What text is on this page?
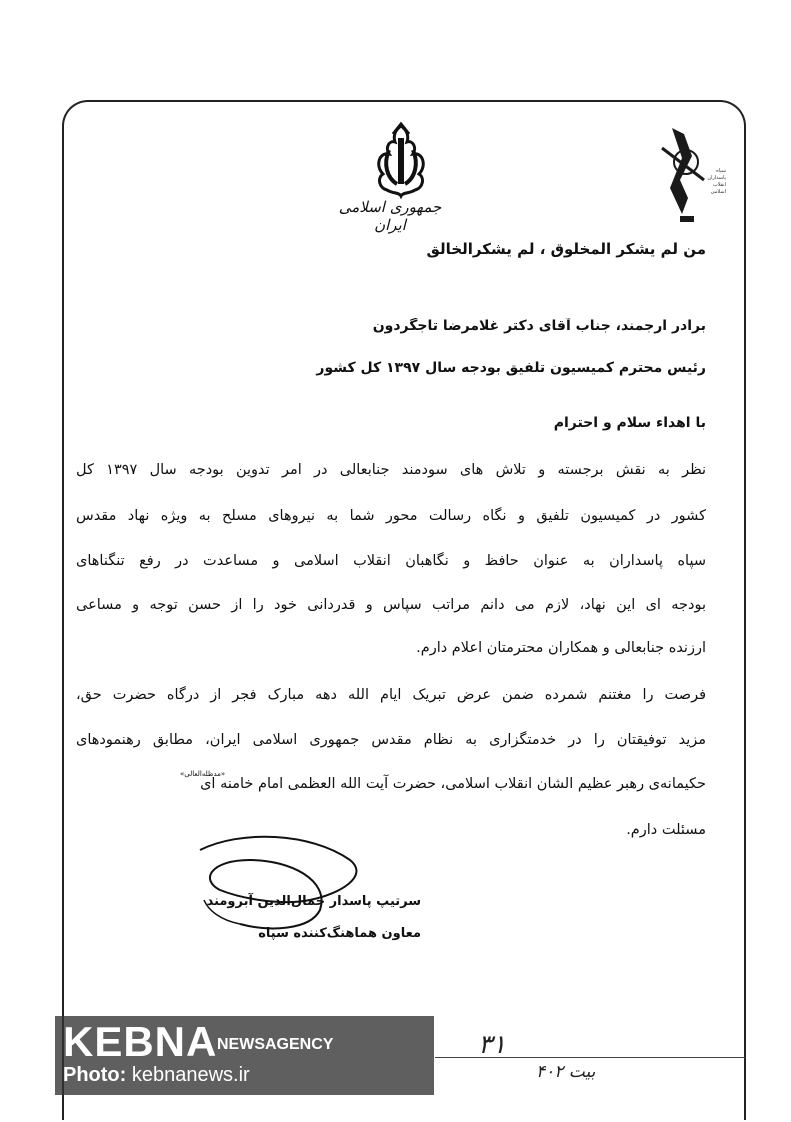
جمهوری اسلامی ایران
سپاه پاسداران انقلاب اسلامی
من لم یشکر المخلوق ، لم یشکرالخالق
برادر ارجمند، جناب آقای دکتر غلامرضا تاجگردون
رئیس محترم کمیسیون تلفیق بودجه سال ۱۳۹۷ کل کشور
با اهداء سلام و احترام
نظر به نقش برجسته و تلاش های سودمند جنابعالی در امر تدوین بودجه سال ۱۳۹۷ کل
کشور در کمیسیون تلفیق و نگاه رسالت محور شما به نیروهای مسلح به ویژه نهاد مقدس
سپاه پاسداران به عنوان حافظ و نگاهبان انقلاب اسلامی و مساعدت در رفع تنگناهای
بودجه ای این نهاد، لازم می دانم مراتب سپاس و قدردانی خود را از حسن توجه و مساعی
ارزنده جنابعالی و همکاران محترمتان اعلام دارم.
فرصت را مغتنم شمرده ضمن عرض تبریک ایام الله دهه مبارک فجر از درگاه حضرت حق،
مزید توفیقتان را در خدمتگزاری به نظام مقدس جمهوری اسلامی ایران، مطابق رهنمودهای
حکیمانه‌ی رهبر عظیم الشان انقلاب اسلامی، حضرت آیت الله العظمی امام خامنه ای
«مدظله‌العالی»
مسئلت دارم.
سرتیپ پاسدار جمال‌الدین آبرومند
معاون هماهنگ‌کننده سپاه
۳۱
بیت ۴۰۲
KEBNA NEWSAGENCY
Photo: kebnanews.ir
